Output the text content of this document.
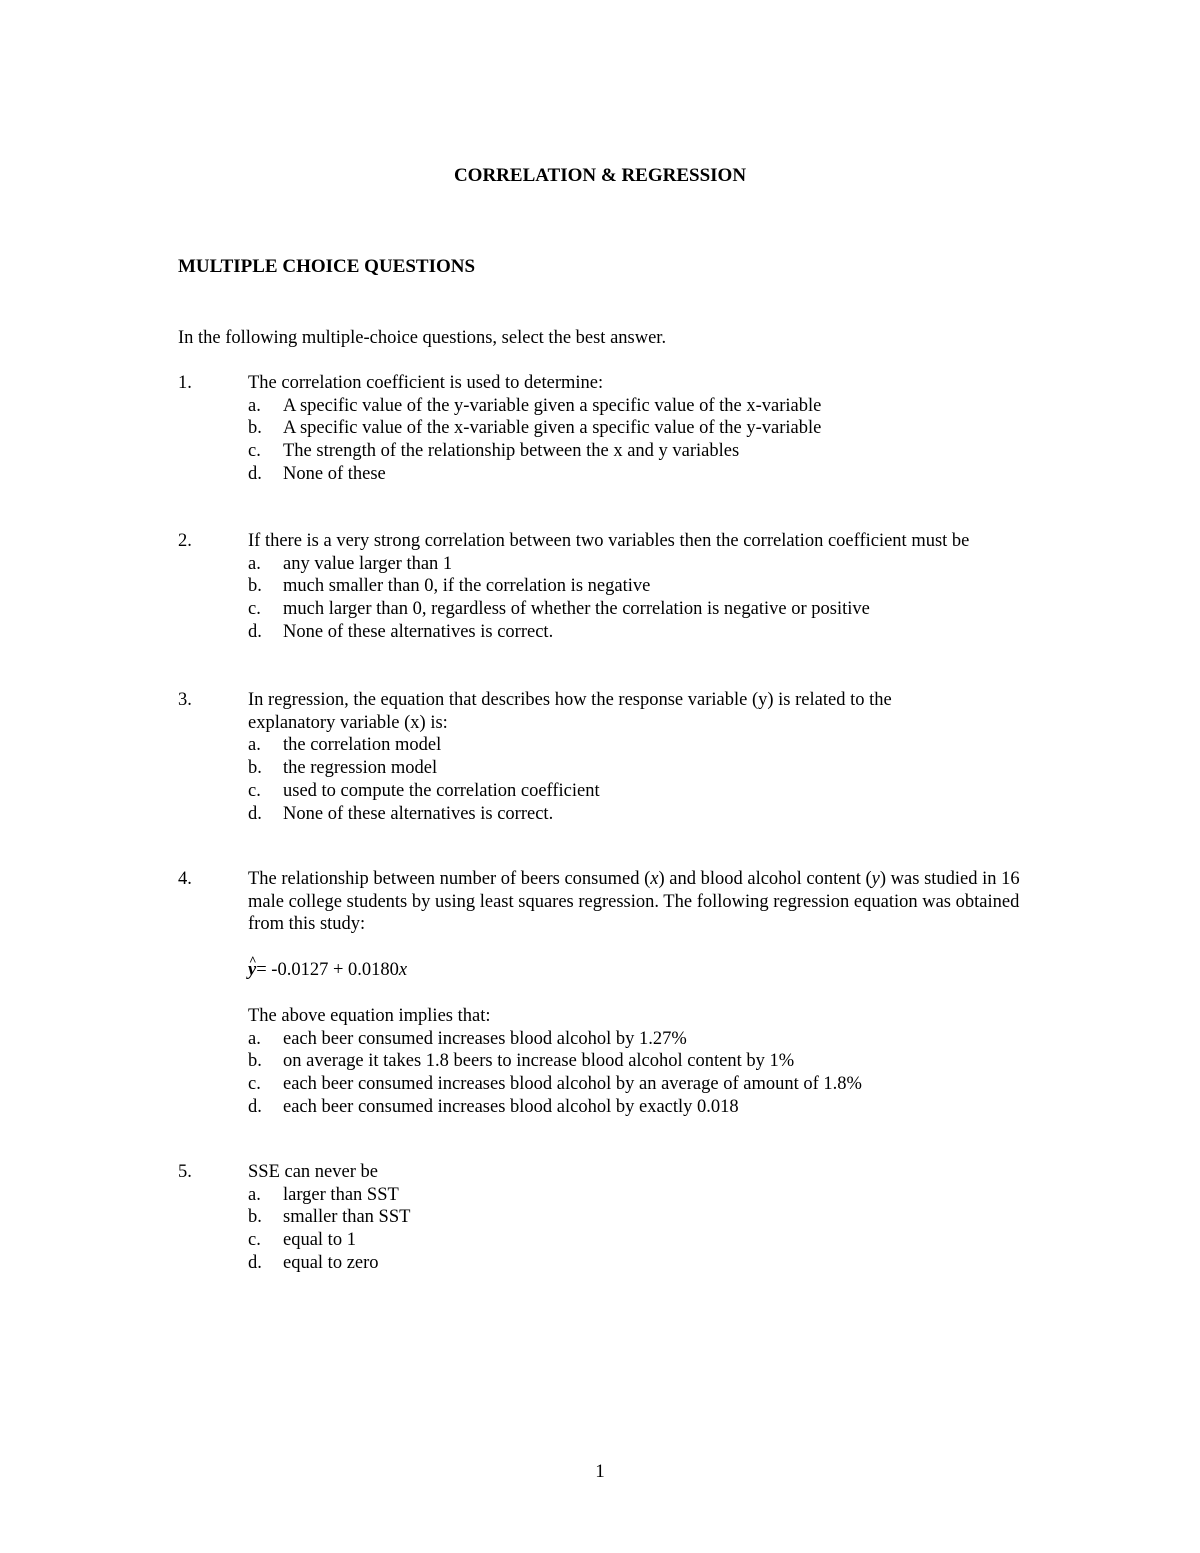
CORRELATION & REGRESSION
MULTIPLE CHOICE QUESTIONS

In the following multiple-choice questions, select the best answer.

1.	The correlation coefficient is used to determine:

a. A specific value of the y-variable given a specific value of the x-variable
b. A specific value of the x-variable given a specific value of the y-variable
c. The strength of the relationship between the x and y variables
d. None of these
2.	If there is a very strong correlation between two variables then the correlation coefficient must be

a. any value larger than 1
b. much smaller than 0, if the correlation is negative
c. much larger than 0, regardless of whether the correlation is negative or positive
d. None of these alternatives is correct.
3.	In regression, the equation that describes how the response variable (y) is related to the explanatory variable (x) is:

a. the correlation model
b. the regression model
c. used to compute the correlation coefficient
d. None of these alternatives is correct.
4.	The relationship between number of beers consumed (x) and blood alcohol content (y) was studied in 16 male college students by using least squares regression. The following regression equation was obtained from this study:

^ y= -0.0127 + 0.0180x

The above equation implies that:

a. each beer consumed increases blood alcohol by 1.27%
b. on average it takes 1.8 beers to increase blood alcohol content by 1%
c. each beer consumed increases blood alcohol by an average of amount of 1.8%
d. each beer consumed increases blood alcohol by exactly 0.018
5.	SSE can never be

a. larger than SST
b. smaller than SST
c. equal to 1
d. equal to zero
1
